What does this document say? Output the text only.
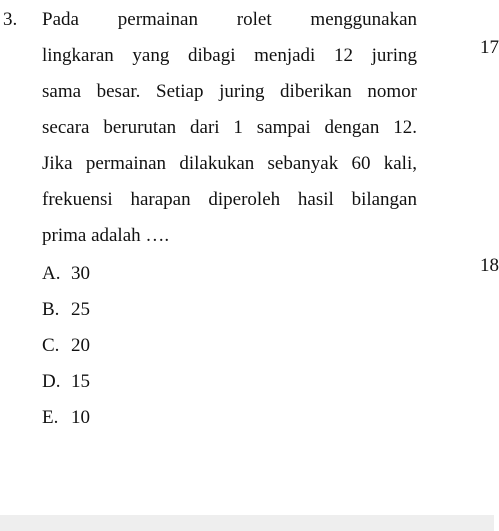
3. Pada permainan rolet menggunakan
lingkaran yang dibagi menjadi 12 juring
sama besar. Setiap juring diberikan nomor
secara berurutan dari 1 sampai dengan 12.
Jika permainan dilakukan sebanyak 60 kali,
frekuensi harapan diperoleh hasil bilangan
prima adalah ….
A. 30
B. 25
C. 20
D. 15
E. 10
17
18
